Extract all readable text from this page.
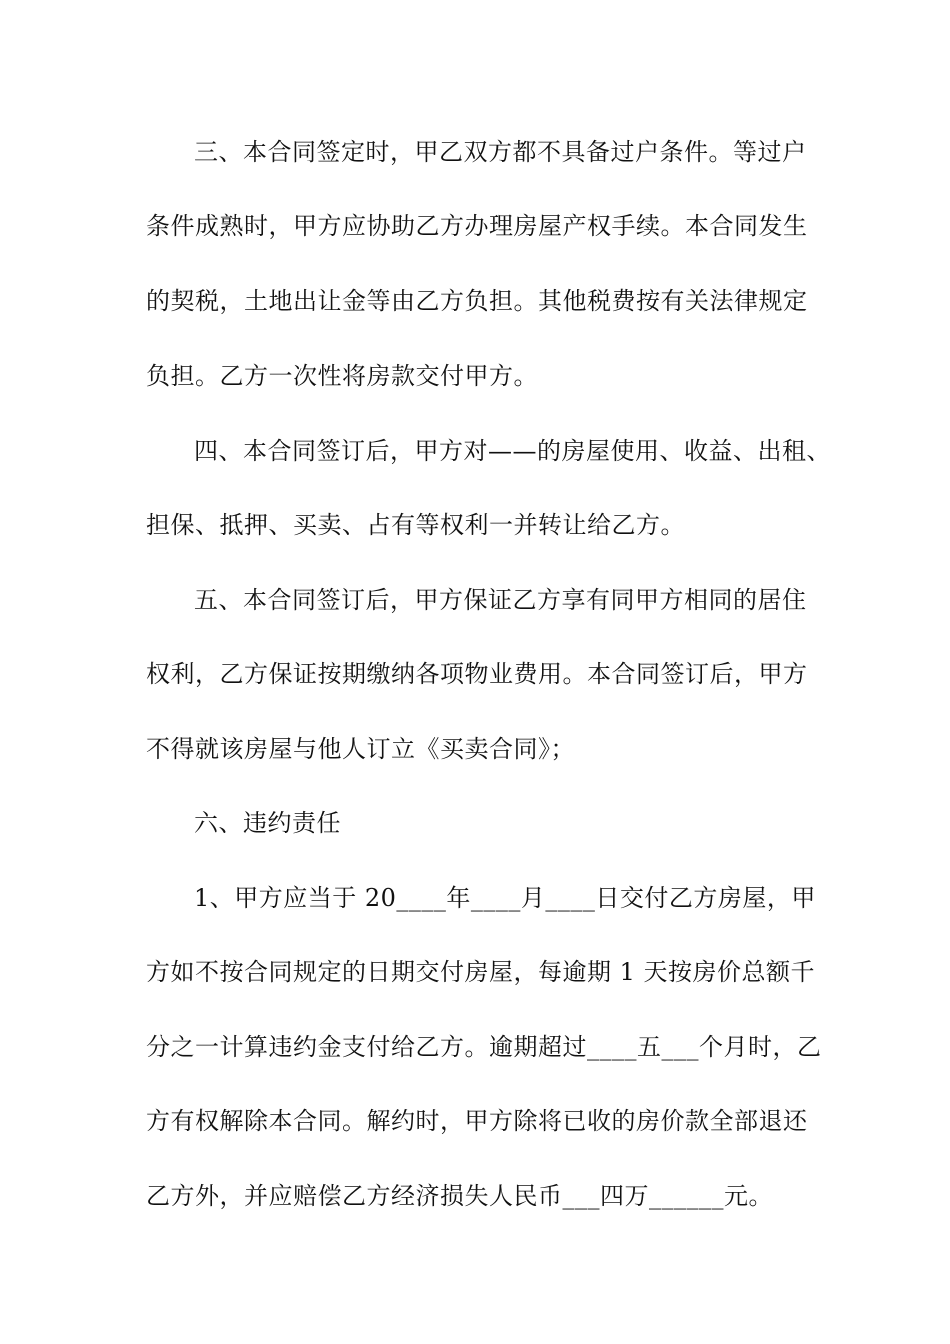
三、本合同签定时，甲乙双方都不具备过户条件。等过户
条件成熟时，甲方应协助乙方办理房屋产权手续。本合同发生
的契税，土地出让金等由乙方负担。其他税费按有关法律规定
负担。乙方一次性将房款交付甲方。
四、本合同签订后，甲方对——的房屋使用、收益、出租、
担保、抵押、买卖、占有等权利一并转让给乙方。
五、本合同签订后，甲方保证乙方享有同甲方相同的居住
权利，乙方保证按期缴纳各项物业费用。本合同签订后，甲方
不得就该房屋与他人订立《买卖合同》；
六、违约责任
1、甲方应当于 20____年____月____日交付乙方房屋，甲
方如不按合同规定的日期交付房屋，每逾期 1 天按房价总额千
分之一计算违约金支付给乙方。逾期超过____五___个月时，乙
方有权解除本合同。解约时，甲方除将已收的房价款全部退还
乙方外，并应赔偿乙方经济损失人民币___四万______元。
